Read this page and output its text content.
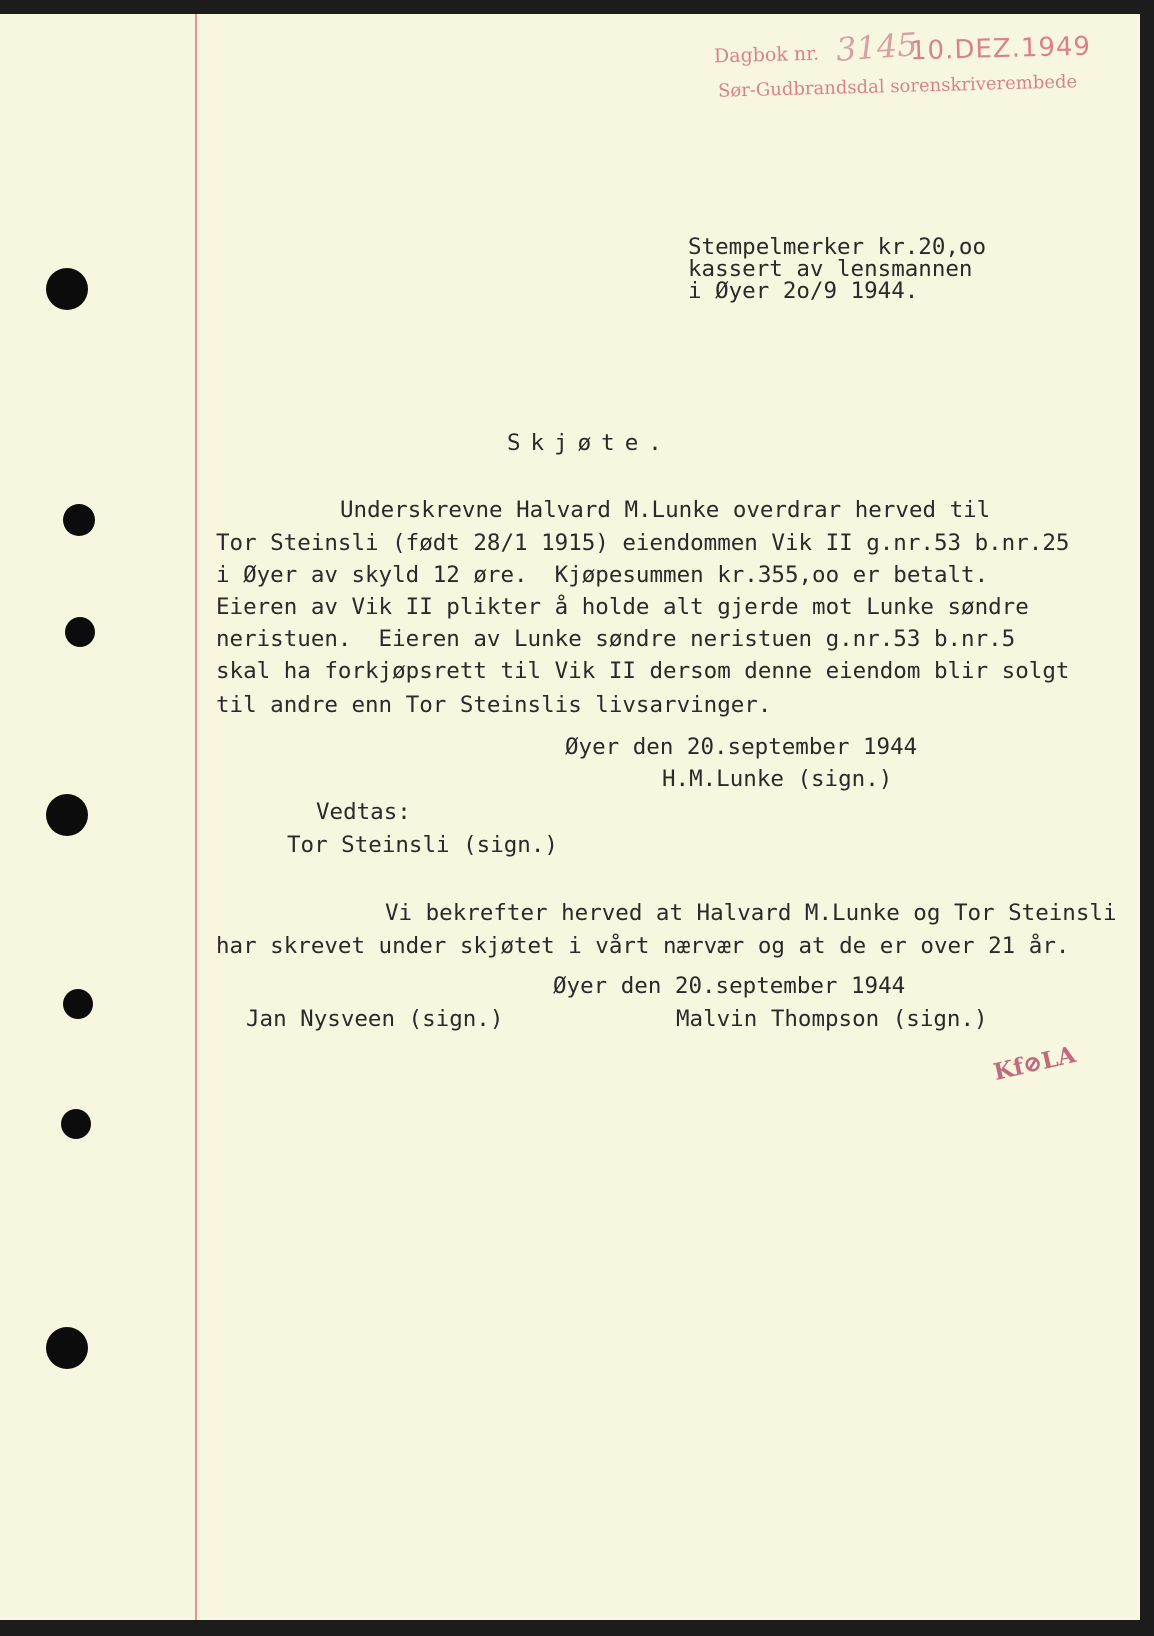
Dagbok nr. 3145
10.DEZ.1949
Sør-Gudbrandsdal sorenskriverembede
Stempelmerker kr.20,oo
kassert av lensmannen
i Øyer 2o/9 1944.
Skjøte.
Underskrevne Halvard M.Lunke overdrar herved til
Tor Steinsli (født 28/1 1915) eiendommen Vik II g.nr.53 b.nr.25
i Øyer av skyld 12 øre.  Kjøpesummen kr.355,oo er betalt.
Eieren av Vik II plikter å holde alt gjerde mot Lunke søndre
neristuen.  Eieren av Lunke søndre neristuen g.nr.53 b.nr.5
skal ha forkjøpsrett til Vik II dersom denne eiendom blir solgt
til andre enn Tor Steinslis livsarvinger.
Øyer den 20.september 1944
H.M.Lunke (sign.)
Vedtas:
Tor Steinsli (sign.)
Vi bekrefter herved at Halvard M.Lunke og Tor Steinsli
har skrevet under skjøtet i vårt nærvær og at de er over 21 år.
Øyer den 20.september 1944
Jan Nysveen (sign.)	Malvin Thompson (sign.)
Kf⊘LA
